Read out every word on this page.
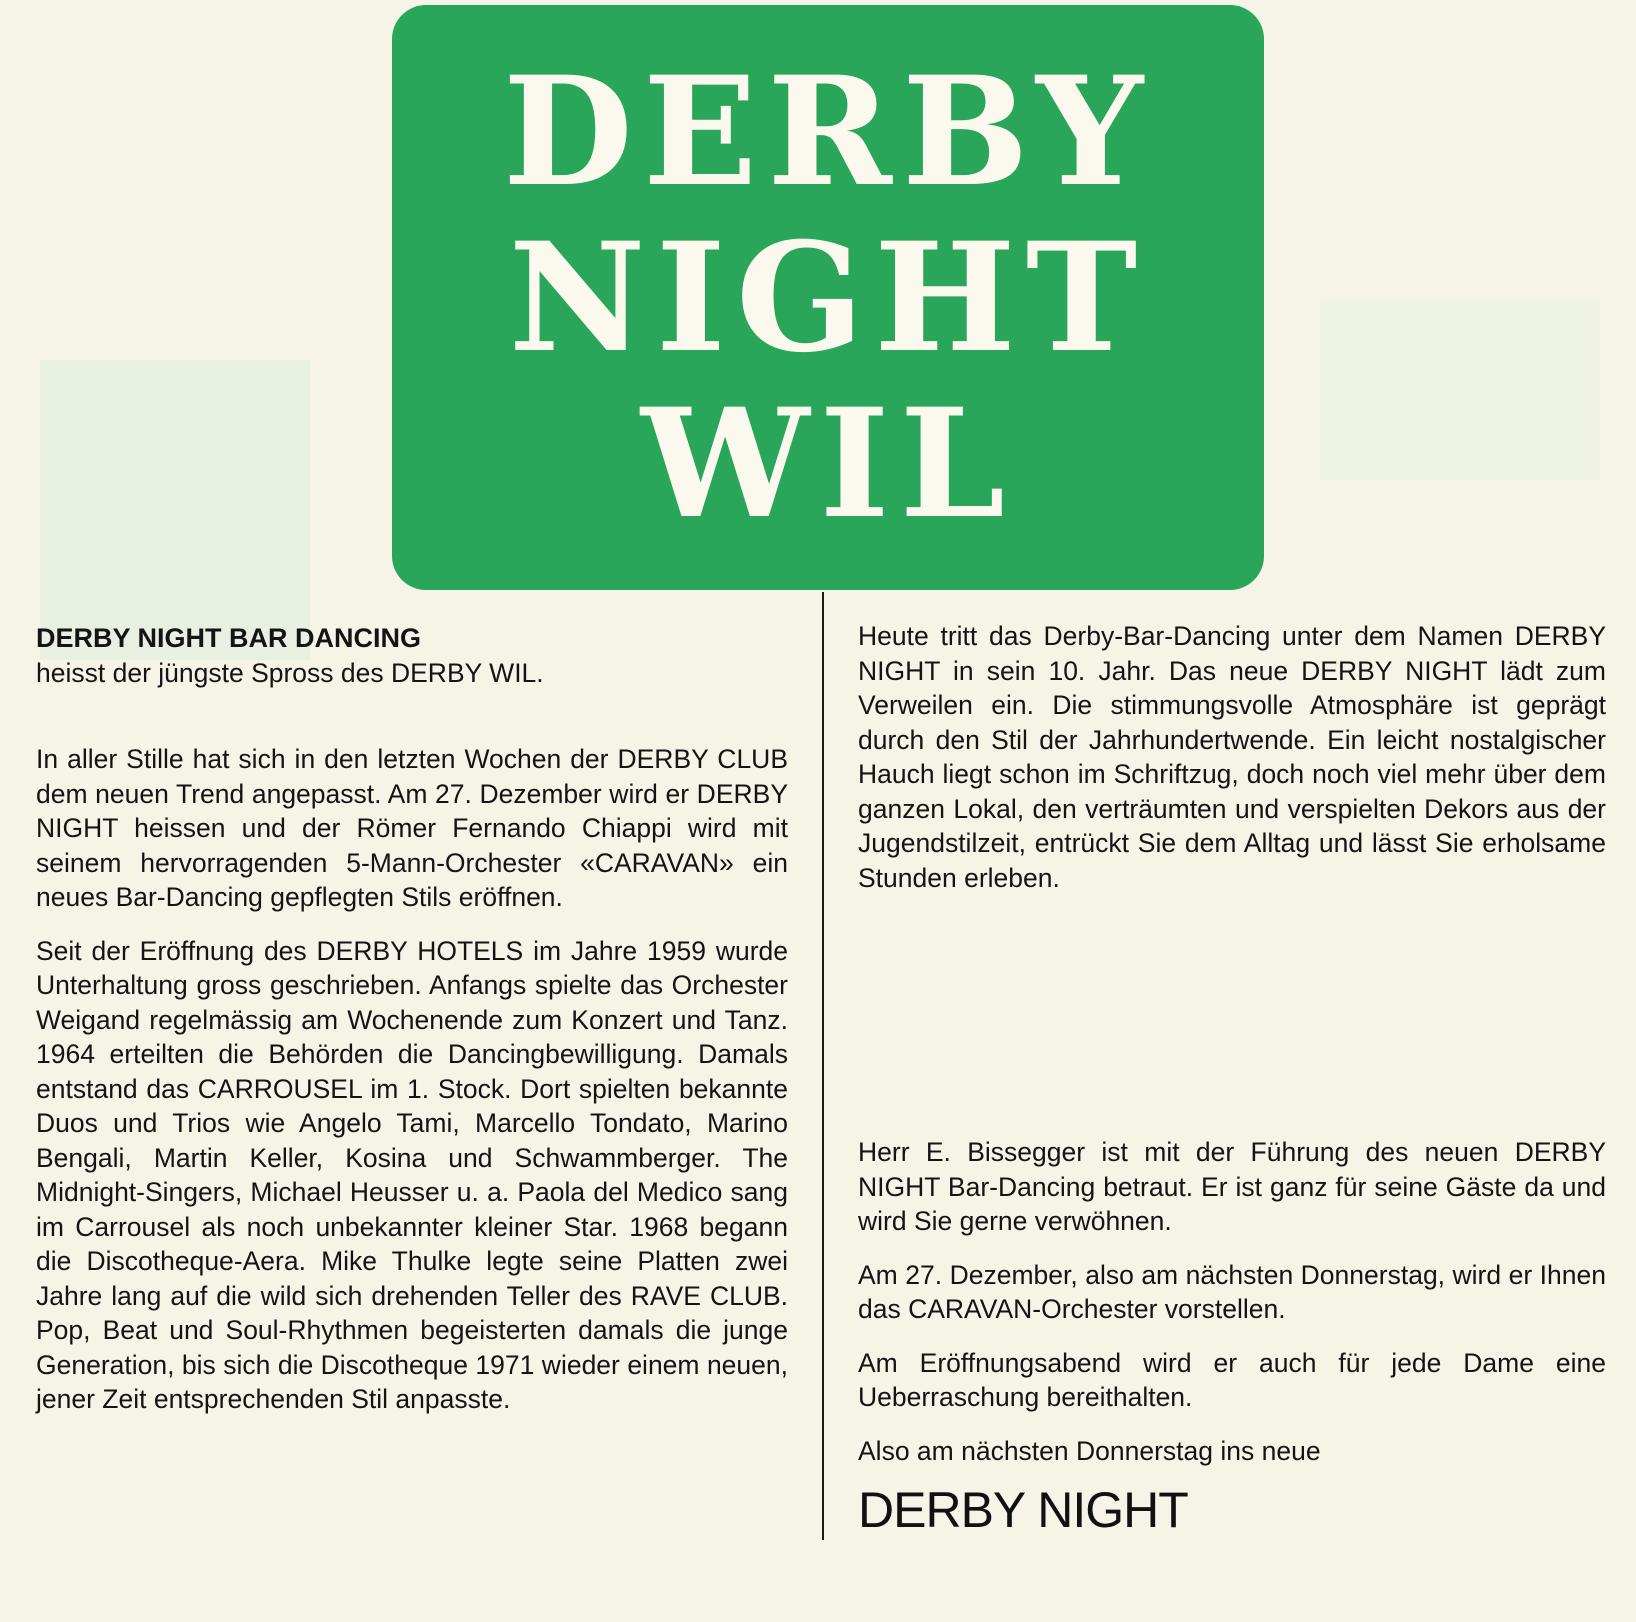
DERBY
NIGHT
WIL
DERBY NIGHT BAR DANCING

heisst der jüngste Spross des DERBY WIL.

In aller Stille hat sich in den letzten Wochen der DERBY CLUB dem neuen Trend angepasst. Am 27. Dezember wird er DERBY NIGHT heissen und der Römer Fernando Chiappi wird mit seinem hervorragenden 5-Mann-Orchester «CARAVAN» ein neues Bar-Dancing gepflegten Stils eröffnen.

Seit der Eröffnung des DERBY HOTELS im Jahre 1959 wurde Unterhaltung gross geschrieben. Anfangs spielte das Orchester Weigand regelmässig am Wochenende zum Konzert und Tanz. 1964 erteilten die Behörden die Dancingbewilligung. Damals entstand das CARROUSEL im 1. Stock. Dort spielten bekannte Duos und Trios wie Angelo Tami, Marcello Tondato, Marino Bengali, Martin Keller, Kosina und Schwammberger. The Midnight-Singers, Michael Heusser u. a. Paola del Medico sang im Carrousel als noch unbekannter kleiner Star. 1968 begann die Discotheque-Aera. Mike Thulke legte seine Platten zwei Jahre lang auf die wild sich drehenden Teller des RAVE CLUB. Pop, Beat und Soul-Rhythmen begeisterten damals die junge Generation, bis sich die Discotheque 1971 wieder einem neuen, jener Zeit entsprechenden Stil anpasste.

Heute tritt das Derby-Bar-Dancing unter dem Namen DERBY NIGHT in sein 10. Jahr. Das neue DERBY NIGHT lädt zum Verweilen ein. Die stimmungsvolle Atmosphäre ist geprägt durch den Stil der Jahrhundertwende. Ein leicht nostalgischer Hauch liegt schon im Schriftzug, doch noch viel mehr über dem ganzen Lokal, den verträumten und verspielten Dekors aus der Jugendstilzeit, entrückt Sie dem Alltag und lässt Sie erholsame Stunden erleben.

Herr E. Bissegger ist mit der Führung des neuen DERBY NIGHT Bar-Dancing betraut. Er ist ganz für seine Gäste da und wird Sie gerne verwöhnen.

Am 27. Dezember, also am nächsten Donnerstag, wird er Ihnen das CARAVAN-Orchester vorstellen.

Am Eröffnungsabend wird er auch für jede Dame eine Ueberraschung bereithalten.

Also am nächsten Donnerstag ins neue

DERBY NIGHT
